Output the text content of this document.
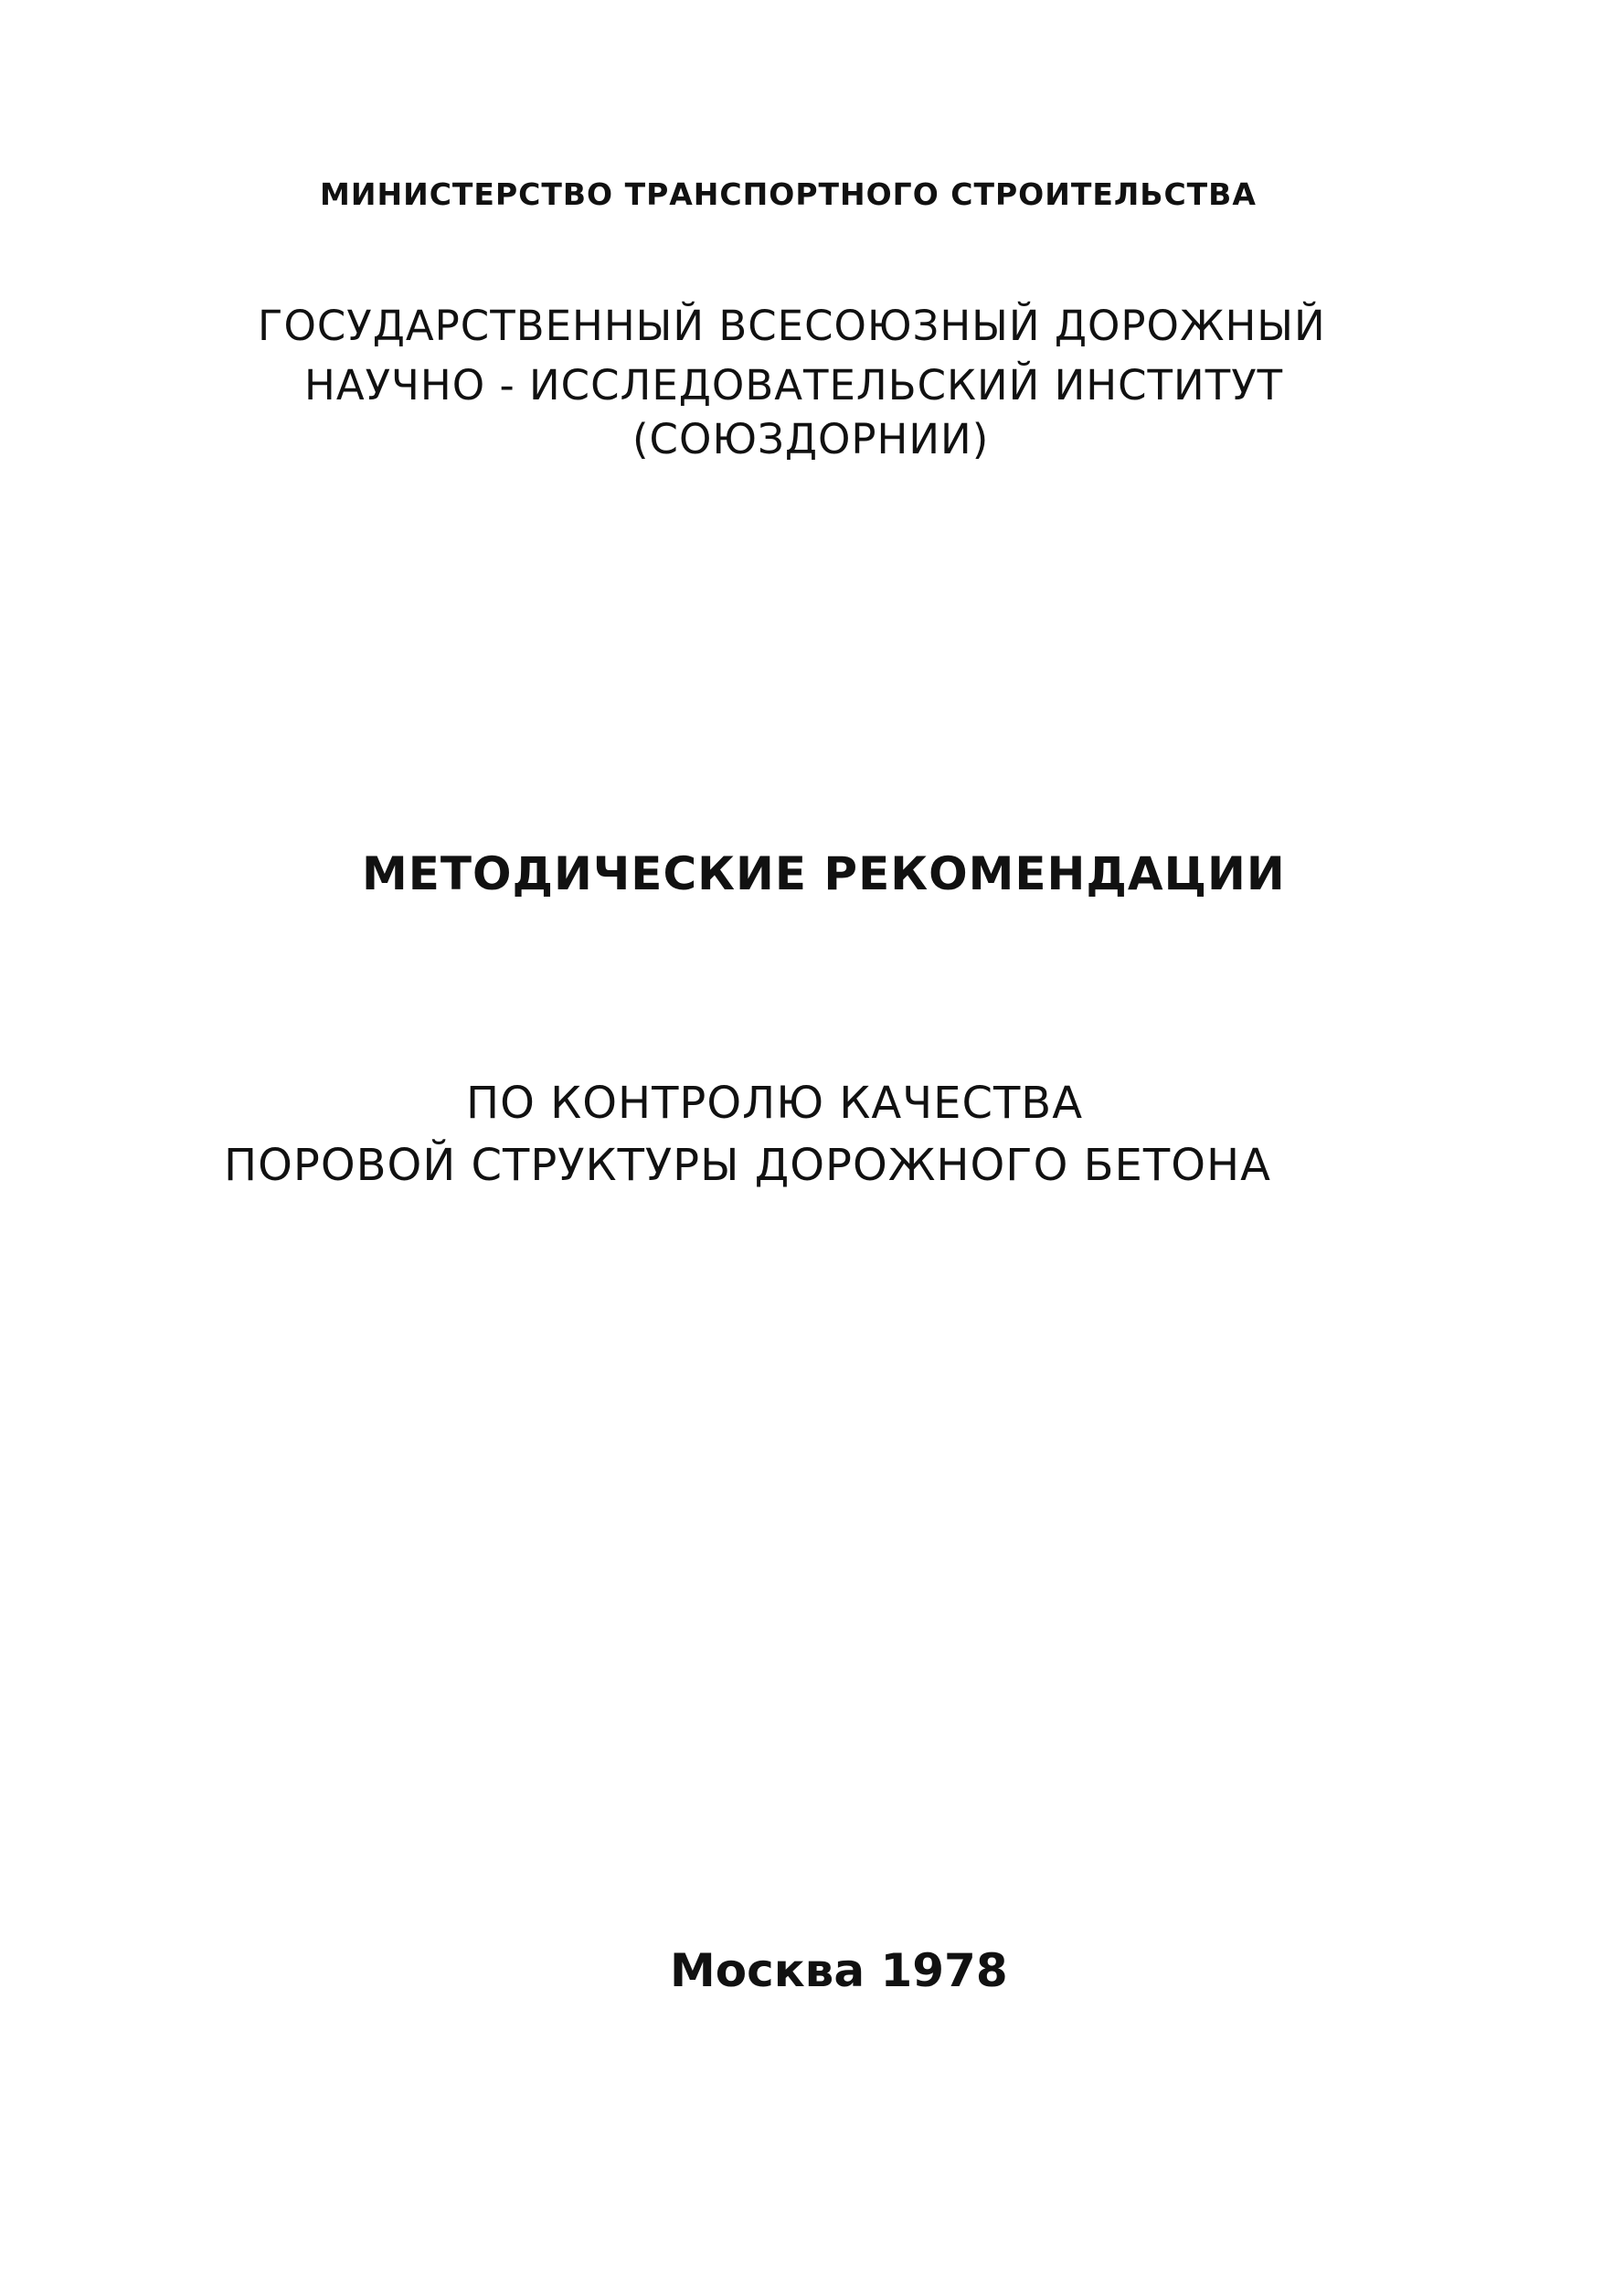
МИНИСТЕРСТВО ТРАНСПОРТНОГО СТРОИТЕЛЬСТВА
ГОСУДАРСТВЕННЫЙ ВСЕСОЮЗНЫЙ ДОРОЖНЫЙ
НАУЧНО - ИССЛЕДОВАТЕЛЬСКИЙ ИНСТИТУТ
(СОЮЗДОРНИИ)
МЕТОДИЧЕСКИЕ РЕКОМЕНДАЦИИ
ПО КОНТРОЛЮ КАЧЕСТВА
ПОРОВОЙ СТРУКТУРЫ ДОРОЖНОГО БЕТОНА
Москва 1978
